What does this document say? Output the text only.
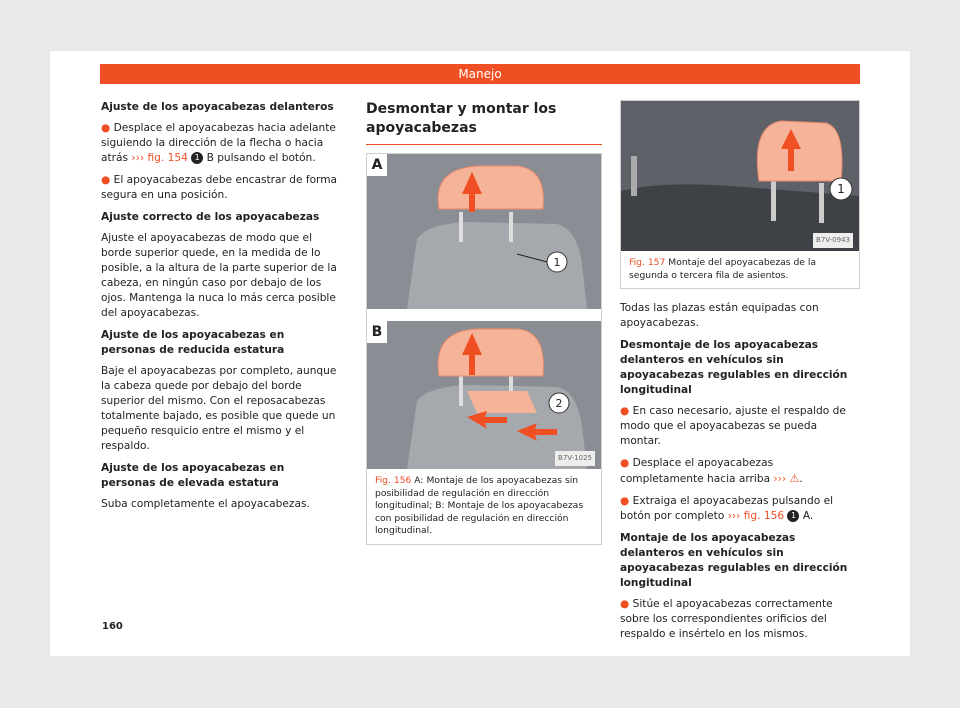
Manejo
Ajuste de los apoyacabezas delanteros

● Desplace el apoyacabezas hacia adelante siguiendo la dirección de la flecha o hacia atrás ››› fig. 154 1 B pulsando el botón.

● El apoyacabezas debe encastrar de forma segura en una posición.

Ajuste correcto de los apoyacabezas

Ajuste el apoyacabezas de modo que el borde superior quede, en la medida de lo posible, a la altura de la parte superior de la cabeza, en ningún caso por debajo de los ojos. Mantenga la nuca lo más cerca posible del apoyacabezas.

Ajuste de los apoyacabezas en personas de reducida estatura

Baje el apoyacabezas por completo, aunque la cabeza quede por debajo del borde superior del mismo. Con el reposacabezas totalmente bajado, es posible que quede un pequeño resquicio entre el mismo y el respaldo.

Ajuste de los apoyacabezas en personas de elevada estatura

Suba completamente el apoyacabezas.

Desmontar y montar los apoyacabezas
1
A
2
B
B7V-1025
Fig. 156 A: Montaje de los apoyacabezas sin posibilidad de regulación en dirección longitudinal; B: Montaje de los apoyacabezas con posibilidad de regulación en dirección longitudinal.
1
B7V-0943
Fig. 157 Montaje del apoyacabezas de la segunda o tercera fila de asientos.

Todas las plazas están equipadas con apoyacabezas.

Desmontaje de los apoyacabezas delanteros en vehículos sin apoyacabezas regulables en dirección longitudinal

● En caso necesario, ajuste el respaldo de modo que el apoyacabezas se pueda montar.

● Desplace el apoyacabezas completamente hacia arriba ››› ⚠.

● Extraiga el apoyacabezas pulsando el botón por completo ››› fig. 156 1 A.

Montaje de los apoyacabezas delanteros en vehículos sin apoyacabezas regulables en dirección longitudinal

● Sitúe el apoyacabezas correctamente sobre los correspondientes orificios del respaldo e insértelo en los mismos.

160
